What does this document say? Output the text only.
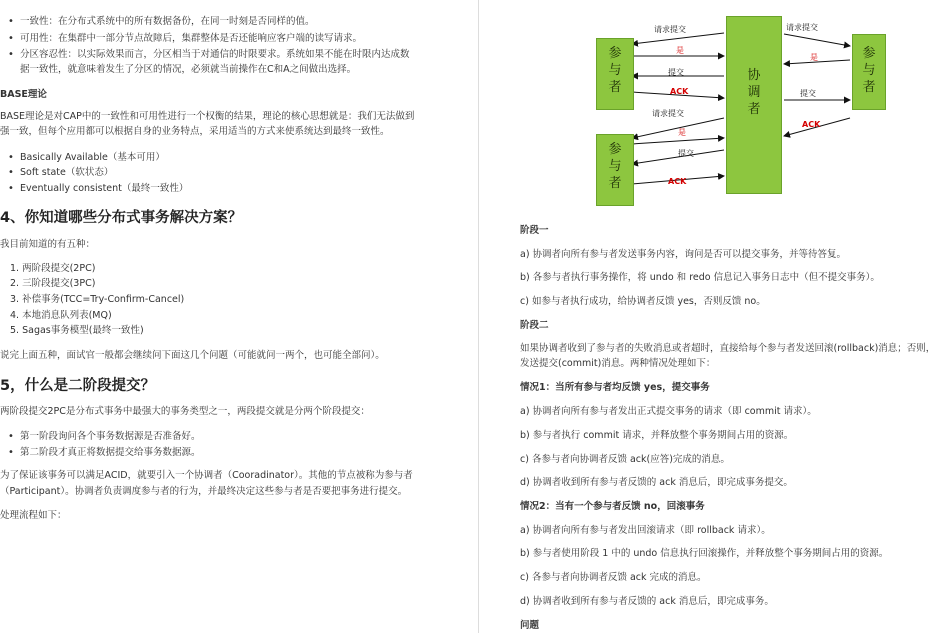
• 一致性：在分布式系统中的所有数据备份，在同一时刻是否同样的值。
• 可用性：在集群中一部分节点故障后，集群整体是否还能响应客户端的读写请求。
• 分区容忍性：以实际效果而言，分区相当于对通信的时限要求。系统如果不能在时限内达成数
据一致性，就意味着发生了分区的情况，必须就当前操作在C和A之间做出选择。
BASE理论
BASE理论是对CAP中的一致性和可用性进行一个权衡的结果，理论的核心思想就是：我们无法做到
强一致，但每个应用都可以根据自身的业务特点，采用适当的方式来使系统达到最终一致性。
• Basically Available（基本可用）
• Soft state（软状态）
• Eventually consistent（最终一致性）
4、你知道哪些分布式事务解决方案？
我目前知道的有五种：
1. 两阶段提交(2PC)
2. 三阶段提交(3PC)
3. 补偿事务(TCC=Try-Confirm-Cancel)
4. 本地消息队列表(MQ)
5. Sagas事务模型(最终一致性)
说完上面五种，面试官一般都会继续问下面这几个问题（可能就问一两个，也可能全部问）。
5，什么是二阶段提交？
两阶段提交2PC是分布式事务中最强大的事务类型之一，两段提交就是分两个阶段提交：
• 第一阶段询问各个事务数据源是否准备好。
• 第二阶段才真正将数据提交给事务数据源。
为了保证该事务可以满足ACID，就要引入一个协调者（Cooradinator）。其他的节点被称为参与者
（Participant）。协调者负责调度参与者的行为，并最终决定这些参与者是否要把事务进行提交。
处理流程如下：
参
与
者
参
与
者
协
调
者
参
与
者
请求提交
是
提交
ACK
请求提交
是
提交
ACK
请求提交
是
提交
ACK
阶段一
a) 协调者向所有参与者发送事务内容，询问是否可以提交事务，并等待答复。
b) 各参与者执行事务操作，将 undo 和 redo 信息记入事务日志中（但不提交事务）。
c) 如参与者执行成功，给协调者反馈 yes，否则反馈 no。
阶段二
如果协调者收到了参与者的失败消息或者超时，直接给每个参与者发送回滚(rollback)消息；否则，
发送提交(commit)消息。两种情况处理如下：
情况1：当所有参与者均反馈 yes，提交事务
a) 协调者向所有参与者发出正式提交事务的请求（即 commit 请求）。
b) 参与者执行 commit 请求，并释放整个事务期间占用的资源。
c) 各参与者向协调者反馈 ack(应答)完成的消息。
d) 协调者收到所有参与者反馈的 ack 消息后，即完成事务提交。
情况2：当有一个参与者反馈 no，回滚事务
a) 协调者向所有参与者发出回滚请求（即 rollback 请求）。
b) 参与者使用阶段 1 中的 undo 信息执行回滚操作，并释放整个事务期间占用的资源。
c) 各参与者向协调者反馈 ack 完成的消息。
d) 协调者收到所有参与者反馈的 ack 消息后，即完成事务。
问题
